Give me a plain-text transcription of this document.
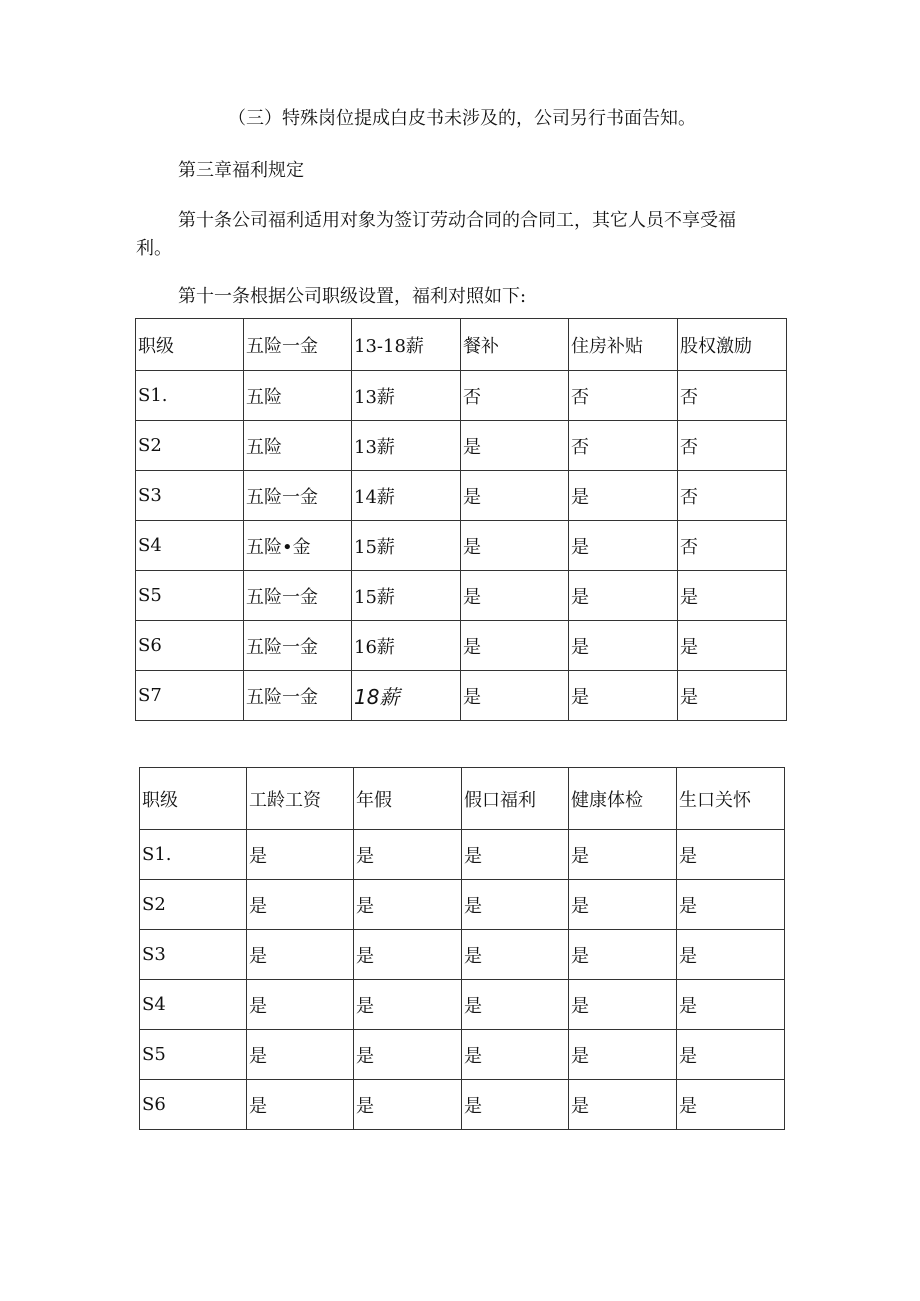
（三）特殊岗位提成白皮书未涉及的，公司另行书面告知。
第三章福利规定
第十条公司福利适用对象为签订劳动合同的合同工，其它人员不享受福
利。
第十一条根据公司职级设置，福利对照如下:
职级	五险一金	13-18薪	餐补	住房补贴	股权激励
S1.	五险	13薪	否	否	否
S2	五险	13薪	是	否	否
S3	五险一金	14薪	是	是	否
S4	五险•金	15薪	是	是	否
S5	五险一金	15薪	是	是	是
S6	五险一金	16薪	是	是	是
S7	五险一金	18薪	是	是	是
职级	工龄工资	年假	假口福利	健康体检	生口关怀
S1.	是	是	是	是	是
S2	是	是	是	是	是
S3	是	是	是	是	是
S4	是	是	是	是	是
S5	是	是	是	是	是
S6	是	是	是	是	是
